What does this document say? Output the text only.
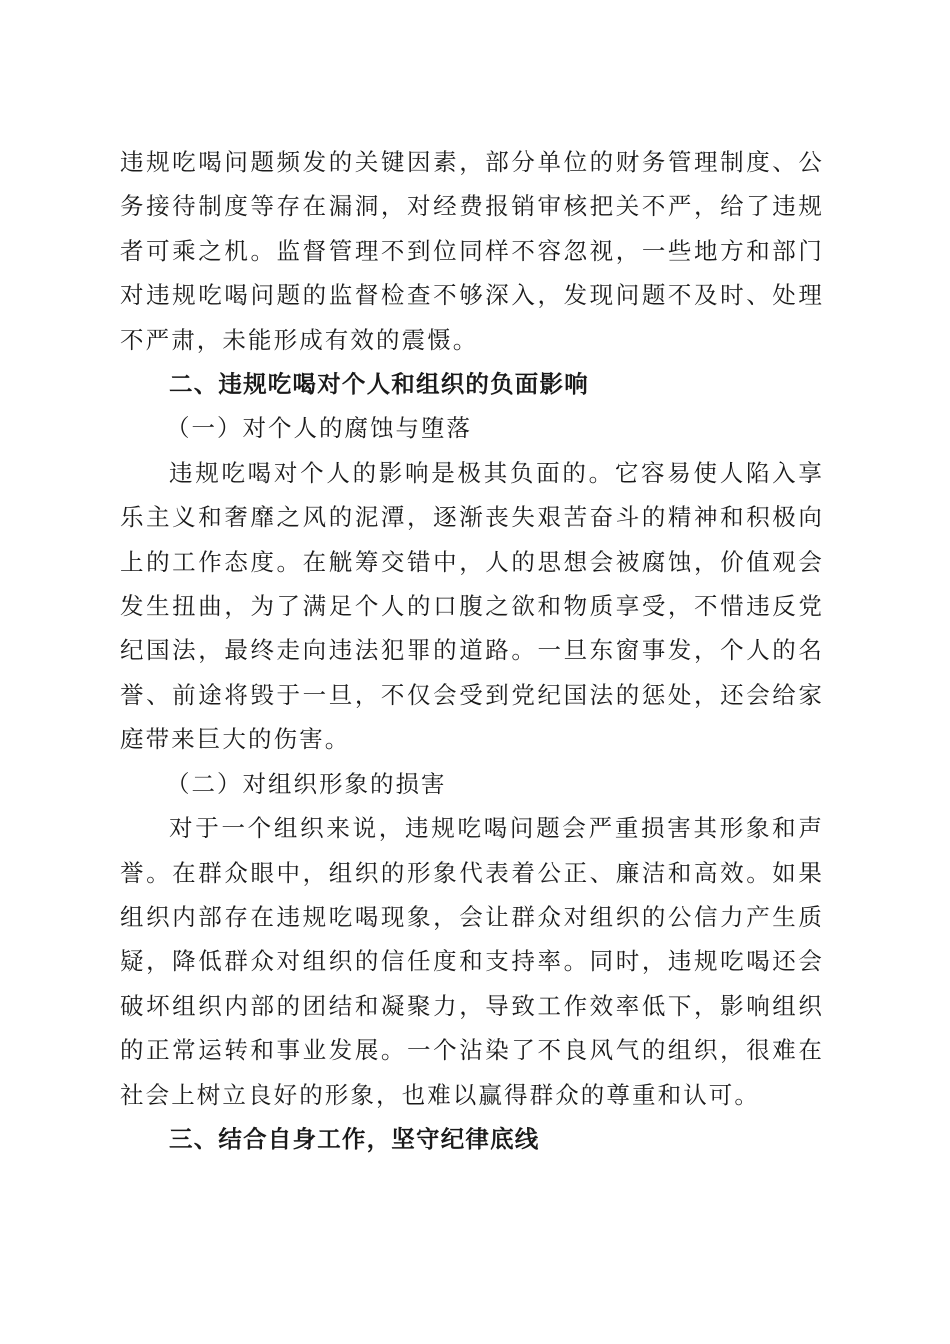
违规吃喝问题频发的关键因素，部分单位的财务管理制度、公务接待制度等存在漏洞，对经费报销审核把关不严，给了违规者可乘之机。监督管理不到位同样不容忽视，一些地方和部门对违规吃喝问题的监督检查不够深入，发现问题不及时、处理不严肃，未能形成有效的震慑。

二、违规吃喝对个人和组织的负面影响

（一）对个人的腐蚀与堕落

违规吃喝对个人的影响是极其负面的。它容易使人陷入享乐主义和奢靡之风的泥潭，逐渐丧失艰苦奋斗的精神和积极向上的工作态度。在觥筹交错中，人的思想会被腐蚀，价值观会发生扭曲，为了满足个人的口腹之欲和物质享受，不惜违反党纪国法，最终走向违法犯罪的道路。一旦东窗事发，个人的名誉、前途将毁于一旦，不仅会受到党纪国法的惩处，还会给家庭带来巨大的伤害。

（二）对组织形象的损害

对于一个组织来说，违规吃喝问题会严重损害其形象和声誉。在群众眼中，组织的形象代表着公正、廉洁和高效。如果组织内部存在违规吃喝现象，会让群众对组织的公信力产生质疑，降低群众对组织的信任度和支持率。同时，违规吃喝还会破坏组织内部的团结和凝聚力，导致工作效率低下，影响组织的正常运转和事业发展。一个沾染了不良风气的组织，很难在社会上树立良好的形象，也难以赢得群众的尊重和认可。

三、结合自身工作，坚守纪律底线
